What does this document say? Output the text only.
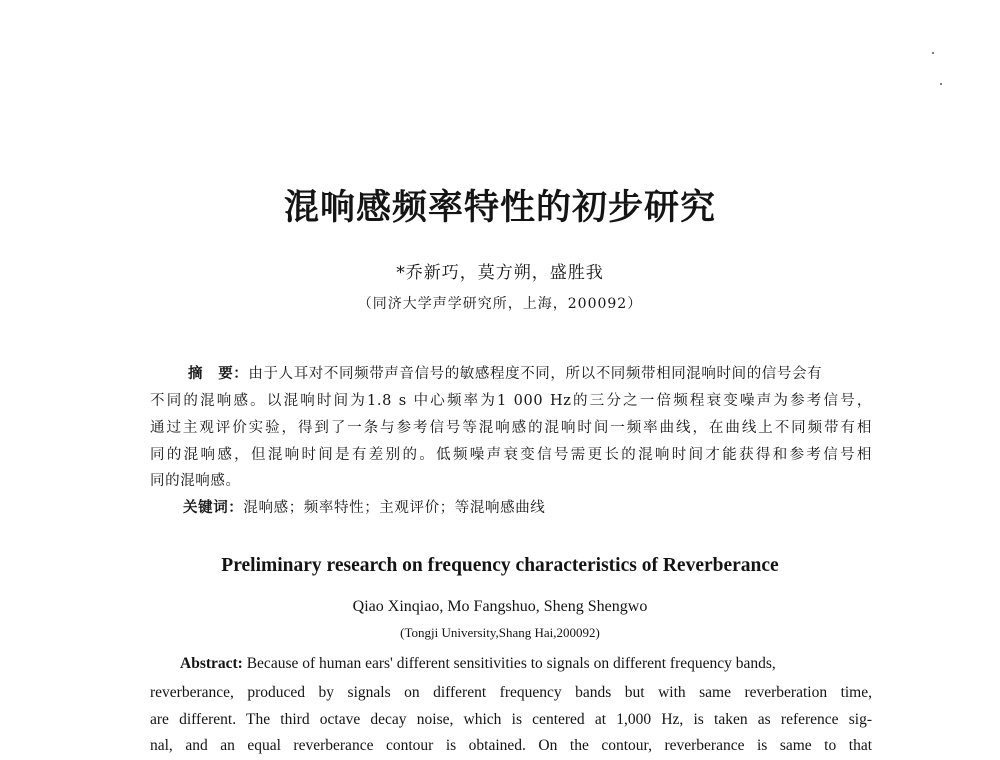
混响感频率特性的初步研究
*乔新巧，莫方朔，盛胜我
（同济大学声学研究所，上海，200092）
摘　要：由于人耳对不同频带声音信号的敏感程度不同，所以不同频带相同混响时间的信号会有
不同的混响感。以混响时间为1.8 s 中心频率为1 000 Hz的三分之一倍频程衰变噪声为参考信号，
通过主观评价实验，得到了一条与参考信号等混响感的混响时间一频率曲线，在曲线上不同频带有相
同的混响感，但混响时间是有差别的。低频噪声衰变信号需更长的混响时间才能获得和参考信号相
同的混响感。
关键词：混响感；频率特性；主观评价；等混响感曲线
Preliminary research on frequency characteristics of Reverberance
Qiao Xinqiao, Mo Fangshuo, Sheng Shengwo
(Tongji University,Shang Hai,200092)
Abstract: Because of human ears' different sensitivities to signals on different frequency bands,
reverberance, produced by signals on different frequency bands but with same reverberation time,
are different. The third octave decay noise, which is centered at 1,000 Hz, is taken as reference sig-
nal, and an equal reverberance contour is obtained. On the contour, reverberance is same to that
